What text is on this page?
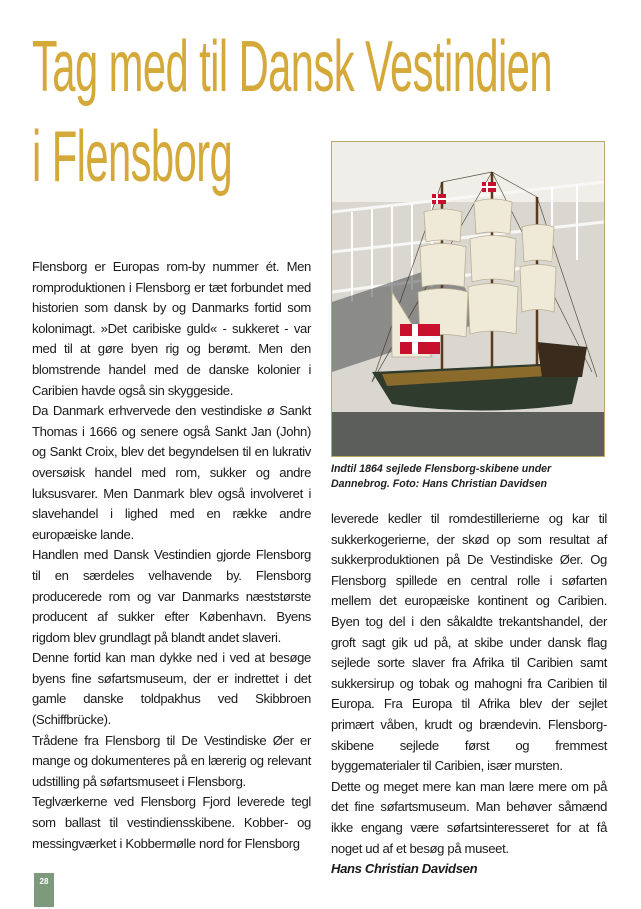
Tag med til Dansk Vestindien
i Flensborg

Flensborg er Europas rom-by nummer ét. Men romproduktionen i Flensborg er tæt forbundet med historien som dansk by og Danmarks fortid som kolonimagt. »Det caribiske guld« - sukkeret - var med til at gøre byen rig og berømt. Men den blomstrende handel med de danske kolonier i Caribien havde også sin skyggeside.

Da Danmark erhvervede den vestindiske ø Sankt Thomas i 1666 og senere også Sankt Jan (John) og Sankt Croix, blev det begyndelsen til en lukrativ oversøisk handel med rom, sukker og andre luksusvarer. Men Danmark blev også involveret i slavehandel i lighed med en række andre europæiske lande.

Handlen med Dansk Vestindien gjorde Flensborg til en særdeles velhavende by. Flensborg producerede rom og var Danmarks næststørste producent af sukker efter København. Byens rigdom blev grundlagt på blandt andet slaveri.

Denne fortid kan man dykke ned i ved at besøge byens fine søfartsmuseum, der er indrettet i det gamle danske toldpakhus ved Skibbroen (Schiffbrücke).

Trådene fra Flensborg til De Vestindiske Øer er mange og dokumenteres på en lærerig og relevant udstilling på søfartsmuseet i Flensborg.

Teglværkerne ved Flensborg Fjord leverede tegl som ballast til vestindiensskibene. Kobber- og messingværket i Kobbermølle nord for Flensborg

Indtil 1864 sejlede Flensborg-skibene under Dannebrog. Foto: Hans Christian Davidsen

leverede kedler til romdestillerierne og kar til sukkerkogerierne, der skød op som resultat af sukkerproduktionen på De Vestindiske Øer. Og Flensborg spillede en central rolle i søfarten mellem det europæiske kontinent og Caribien. Byen tog del i den såkaldte trekantshandel, der groft sagt gik ud på, at skibe under dansk flag sejlede sorte slaver fra Afrika til Caribien samt sukkersirup og tobak og mahogni fra Caribien til Europa. Fra Europa til Afrika blev der sejlet primært våben, krudt og brændevin. Flensborg-skibene sejlede først og fremmest byggematerialer til Caribien, især mursten.

Dette og meget mere kan man lære mere om på det fine søfartsmuseum. Man behøver såmænd ikke engang være søfartsinteresseret for at få noget ud af et besøg på museet.

Hans Christian Davidsen

28
